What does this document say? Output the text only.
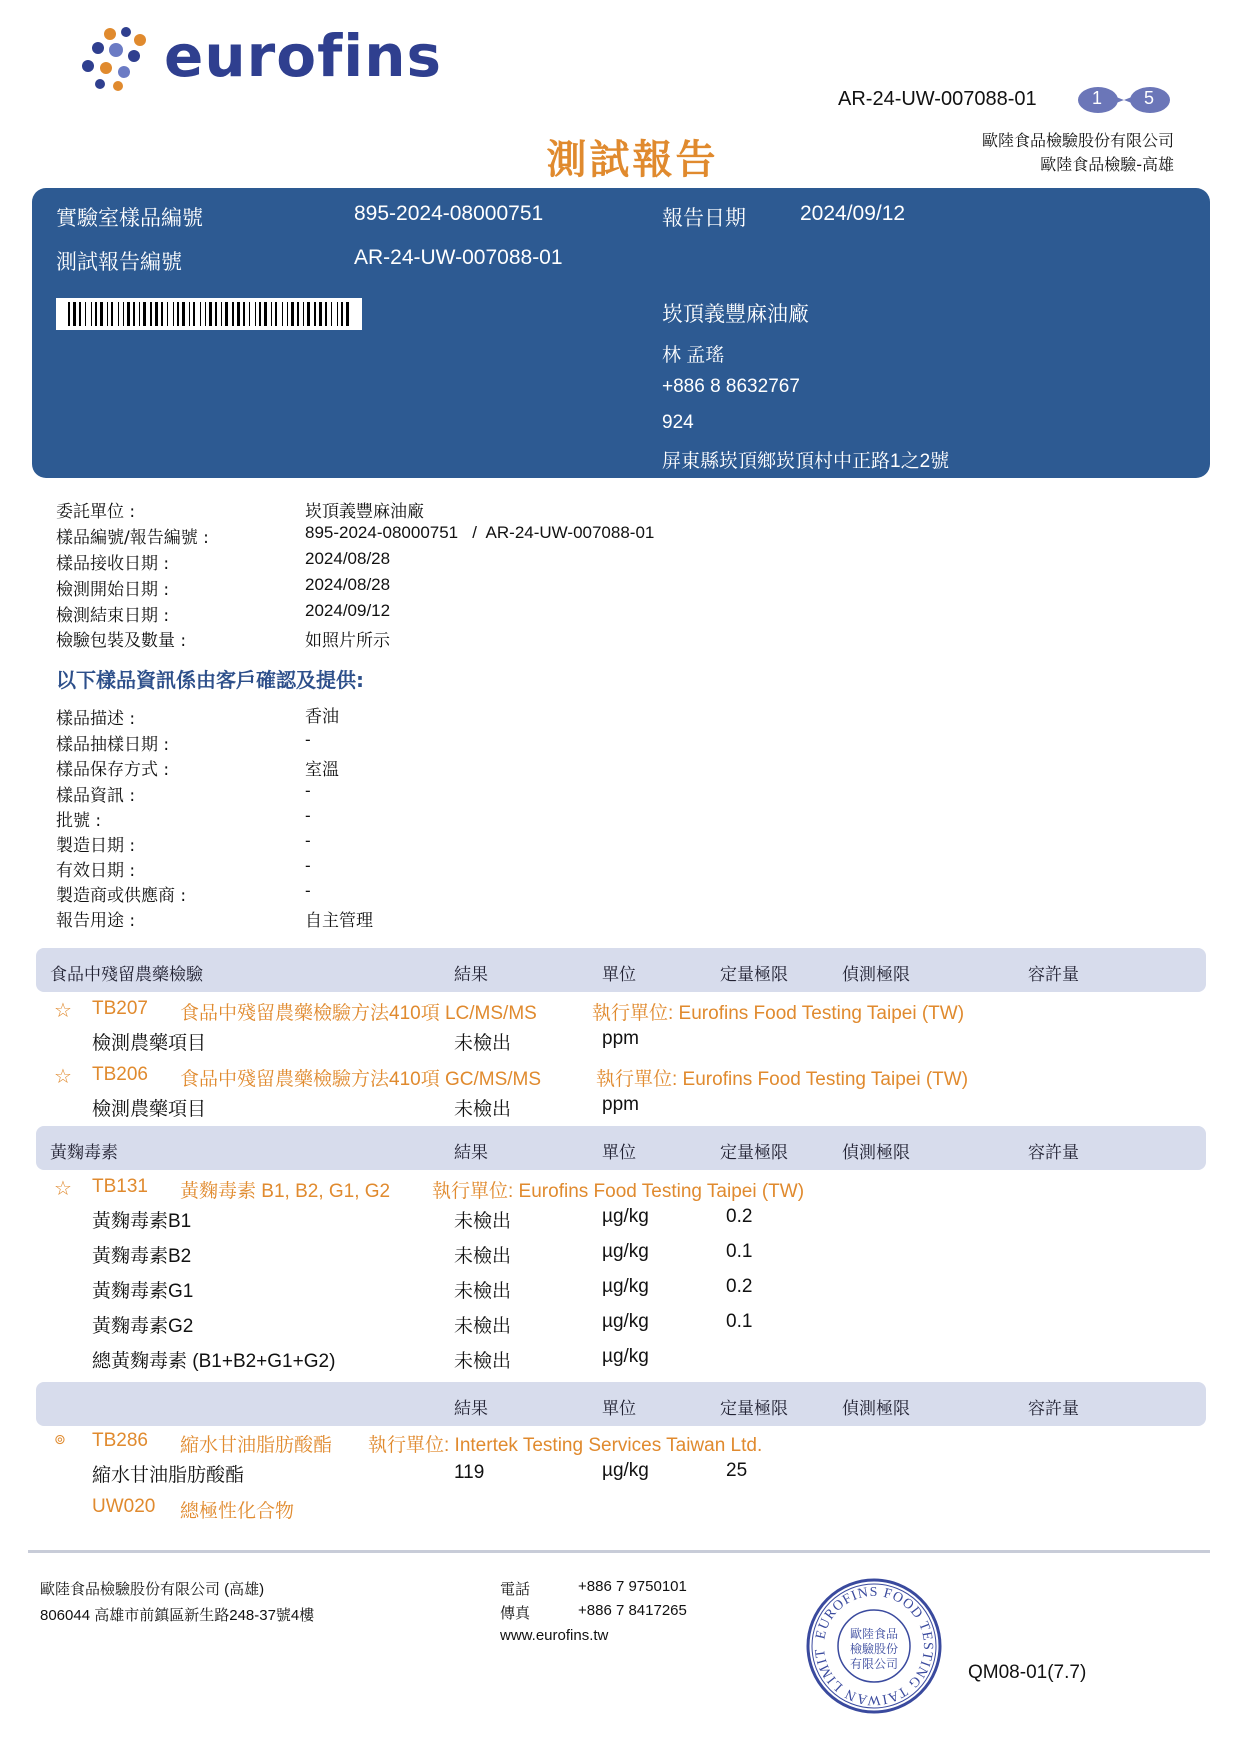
eurofins
AR-24-UW-007088-01	1 5
測試報告	歐陸食品檢驗股份有限公司
歐陸食品檢驗-高雄
實驗室樣品編號	895-2024-08000751	報告日期	2024/09/12
測試報告編號	AR-24-UW-007088-01
崁頂義豐麻油廠
林 孟瑤
+886 8 8632767
924
屏東縣崁頂鄉崁頂村中正路1之2號
委託單位 :	崁頂義豐麻油廠
樣品編號/報告編號 :	895-2024-08000751   /  AR-24-UW-007088-01
樣品接收日期 :	2024/08/28
檢測開始日期 :	2024/08/28
檢測結束日期 :	2024/09/12
檢驗包裝及數量 :	如照片所示
以下樣品資訊係由客戶確認及提供:
樣品描述 :	香油
樣品抽樣日期 :	-
樣品保存方式 :	室溫
樣品資訊 :	-
批號 :	-
製造日期 :	-
有效日期 :	-
製造商或供應商 :	-
報告用途 :	自主管理
食品中殘留農藥檢驗	結果	單位	定量極限	偵測極限	容許量
☆ TB207 食品中殘留農藥檢驗方法410項 LC/MS/MS	執行單位: Eurofins Food Testing Taipei (TW)
檢測農藥項目	未檢出	ppm
☆ TB206 食品中殘留農藥檢驗方法410項 GC/MS/MS	執行單位: Eurofins Food Testing Taipei (TW)
檢測農藥項目	未檢出	ppm
黃麴毒素	結果	單位	定量極限	偵測極限	容許量
☆ TB131 黃麴毒素 B1, B2, G1, G2 執行單位: Eurofins Food Testing Taipei (TW)
黃麴毒素B1	未檢出	µg/kg	0.2
黃麴毒素B2	未檢出	µg/kg	0.1
黃麴毒素G1	未檢出	µg/kg	0.2
黃麴毒素G2	未檢出	µg/kg	0.1
總黃麴毒素 (B1+B2+G1+G2)	未檢出	µg/kg
結果	單位	定量極限	偵測極限	容許量
⊚ TB286 縮水甘油脂肪酸酯 執行單位: Intertek Testing Services Taiwan Ltd.
縮水甘油脂肪酸酯	119	µg/kg	25
UW020 總極性化合物
歐陸食品檢驗股份有限公司 (高雄)
806044 高雄市前鎮區新生路248-37號4樓
電話	+886 7 9750101
傳真	+886 7 8417265
www.eurofins.tw	EUROFINS FOOD TESTING TAIWAN LIMIT
歐陸食品
檢驗股份
有限公司	QM08-01(7.7)
